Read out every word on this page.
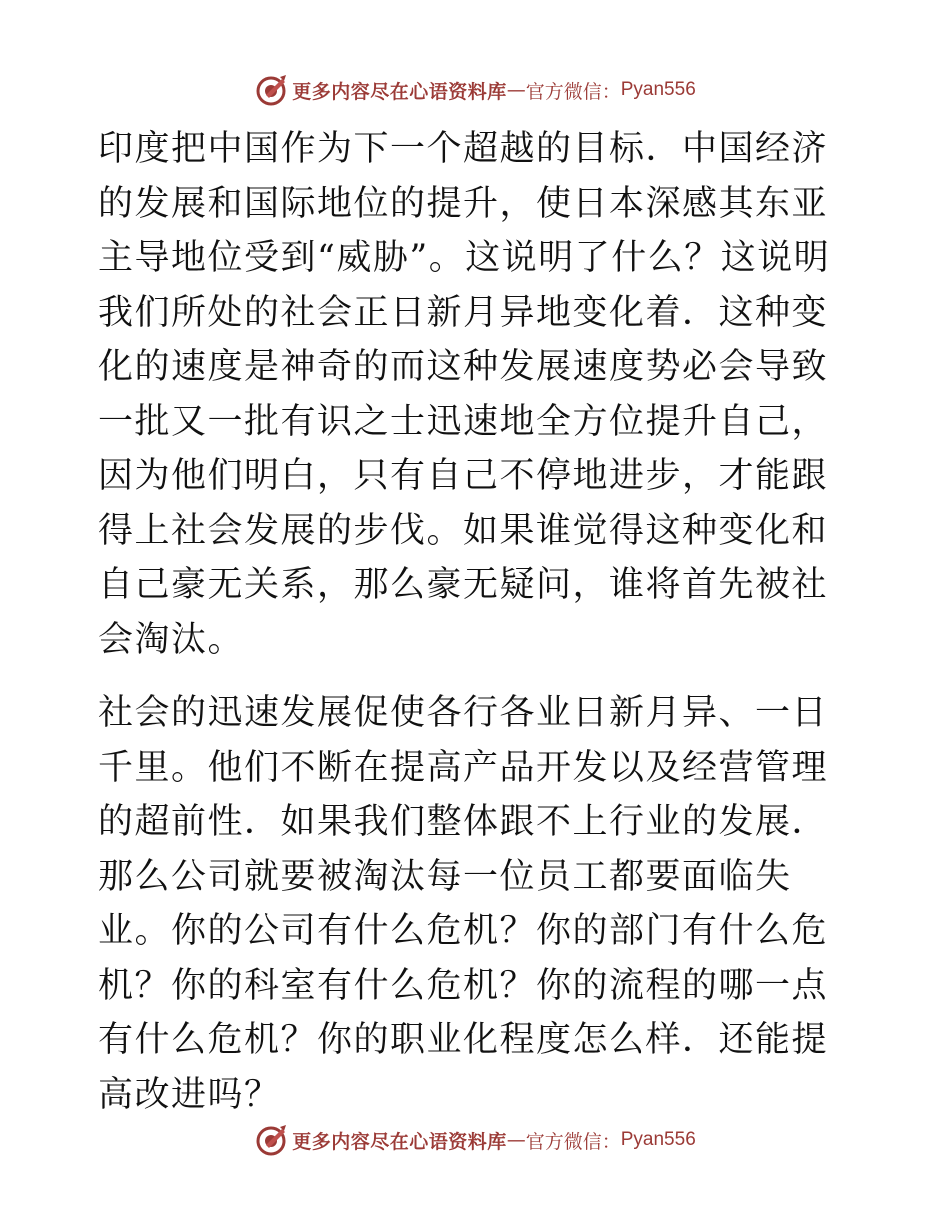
更多内容尽在心语资料库 — 官方微信： Pyan556

印度把中国作为下一个超越的目标．中国经济的发展和国际地位的提升，使日本深感其东亚主导地位受到“威胁”。这说明了什么？这说明我们所处的社会正日新月异地变化着．这种变化的速度是神奇的而这种发展速度势必会导致一批又一批有识之士迅速地全方位提升自己，因为他们明白，只有自己不停地进步，才能跟得上社会发展的步伐。如果谁觉得这种变化和自己豪无关系，那么豪无疑问，谁将首先被社会淘汰。

社会的迅速发展促使各行各业日新月异、一日千里。他们不断在提高产品开发以及经营管理的超前性．如果我们整体跟不上行业的发展．那么公司就要被淘汰每一位员工都要面临失业。你的公司有什么危机？你的部门有什么危机？你的科室有什么危机？你的流程的哪一点有什么危机？你的职业化程度怎么样．还能提高改进吗？

更多内容尽在心语资料库 — 官方微信： Pyan556
